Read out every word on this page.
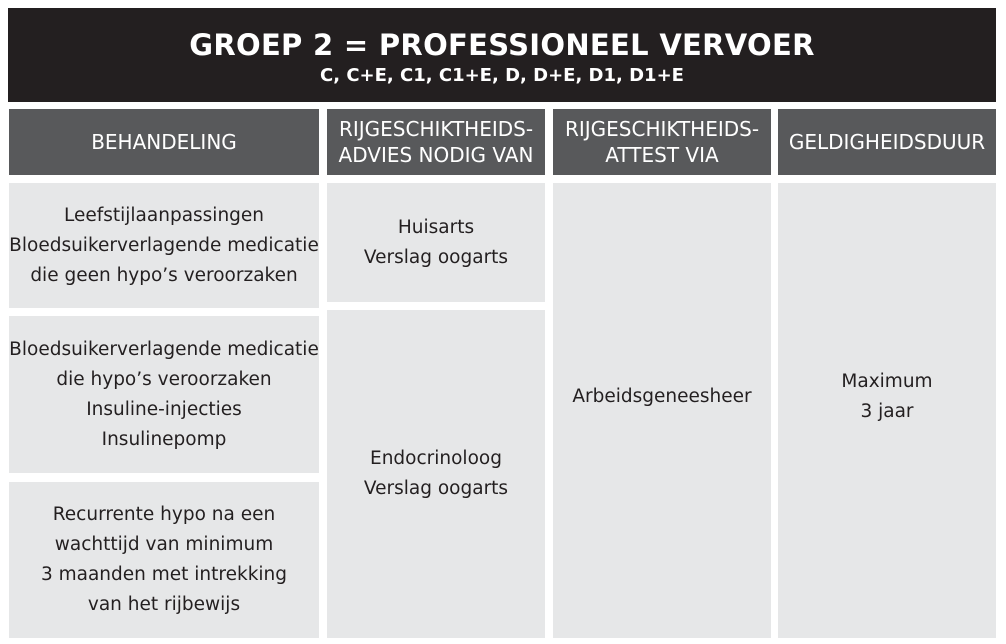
GROEP 2 = PROFESSIONEEL VERVOER
C, C+E, C1, C1+E, D, D+E, D1, D1+E
BEHANDELING
RIJGESCHIKTHEIDS-
ADVIES NODIG VAN
RIJGESCHIKTHEIDS-
ATTEST VIA
GELDIGHEIDSDUUR
Leefstijlaanpassingen
Bloedsuikerverlagende medicatie
die geen hypo’s veroorzaken
Bloedsuikerverlagende medicatie
die hypo’s veroorzaken
Insuline-injecties
Insulinepomp
Recurrente hypo na een
wachttijd van minimum
3 maanden met intrekking
van het rijbewijs
Huisarts
Verslag oogarts
Endocrinoloog
Verslag oogarts
Arbeidsgeneesheer
Maximum
3 jaar
